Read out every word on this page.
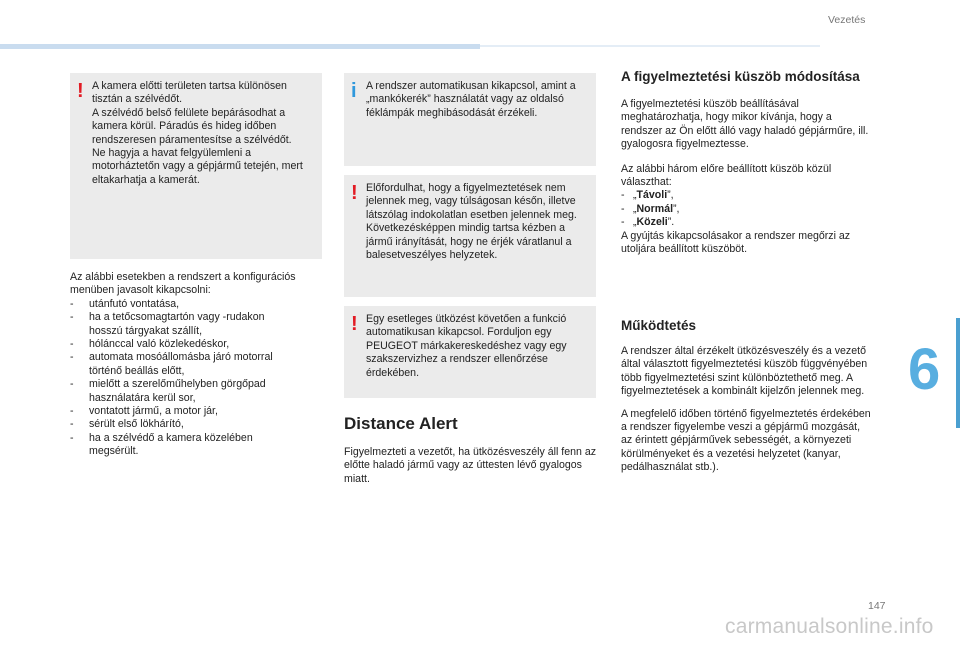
Vezetés
6
147
carmanualsonline.info
! A kamera előtti területen tartsa különösen tisztán a szélvédőt.
A szélvédő belső felülete bepárásodhat a kamera körül. Páradús és hideg időben rendszeresen páramentesítse a szélvédőt.
Ne hagyja a havat felgyülemleni a motorháztetőn vagy a gépjármű tetején, mert eltakarhatja a kamerát.

Az alábbi esetekben a rendszert a konfigurációs menüben javasolt kikapcsolni:

- utánfutó vontatása,
- ha a tetőcsomagtartón vagy -rudakon
hosszú tárgyakat szállít,
- hólánccal való közlekedéskor,
- automata mosóállomásba járó motorral
történő beállás előtt,
- mielőtt a szerelőműhelyben görgőpad
használatára kerül sor,
- vontatott jármű, a motor jár,
- sérült első lökhárító,
- ha a szélvédő a kamera közelében
megsérült.
i A rendszer automatikusan kikapcsol, amint a „mankókerék” használatát vagy az oldalsó féklámpák meghibásodását érzékeli.

! Előfordulhat, hogy a figyelmeztetések nem jelennek meg, vagy túlságosan későn, illetve látszólag indokolatlan esetben jelennek meg.
Következésképpen mindig tartsa kézben a jármű irányítását, hogy ne érjék váratlanul a balesetveszélyes helyzetek.

! Egy esetleges ütközést követően a funkció automatikusan kikapcsol. Forduljon egy PEUGEOT márkakereskedéshez vagy egy szakszervizhez a rendszer ellenőrzése érdekében.

Distance Alert

Figyelmezteti a vezetőt, ha ütközésveszély áll fenn az előtte haladó jármű vagy az úttesten lévő gyalogos miatt.

A figyelmeztetési küszöb módosítása

A figyelmeztetési küszöb beállításával meghatározhatja, hogy mikor kívánja, hogy a rendszer az Ön előtt álló vagy haladó gépjárműre, ill. gyalogosra figyelmeztesse.

Az alábbi három előre beállított küszöb közül választhat:

- „Távoli”,
- „Normál”,
- „Közeli”.

A gyújtás kikapcsolásakor a rendszer megőrzi az utoljára beállított küszöböt.

Működtetés

A rendszer által érzékelt ütközésveszély és a vezető által választott figyelmeztetési küszöb függvényében több figyelmeztetési szint különböztethető meg. A figyelmeztetések a kombinált kijelzőn jelennek meg.

A megfelelő időben történő figyelmeztetés érdekében a rendszer figyelembe veszi a gépjármű mozgását, az érintett gépjárművek sebességét, a környezeti körülményeket és a vezetési helyzetet (kanyar, pedálhasználat stb.).
